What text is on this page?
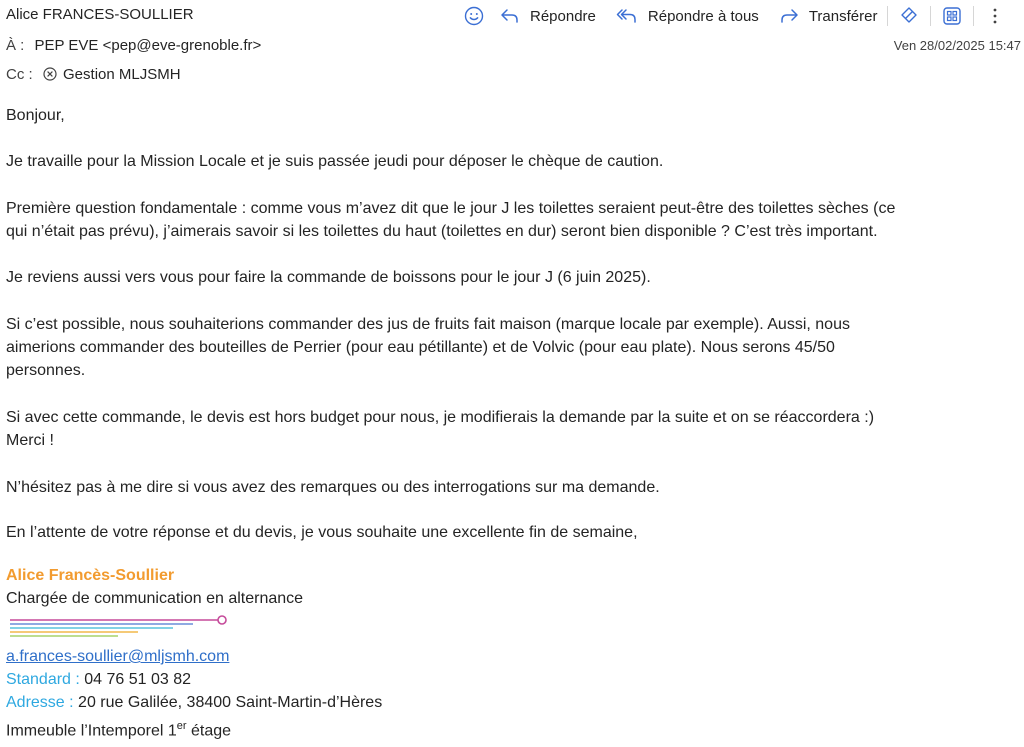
Alice FRANCES-SOULLIER	Répondre	Répondre à tous	Transférer
À : PEP EVE <pep@eve-grenoble.fr>	Ven 28/02/2025 15:47
Cc : Gestion MLJSMH
Bonjour,
Je travaille pour la Mission Locale et je suis passée jeudi pour déposer le chèque de caution.
Première question fondamentale : comme vous m’avez dit que le jour J les toilettes seraient peut-être des toilettes sèches (ce
qui n’était pas prévu), j’aimerais savoir si les toilettes du haut (toilettes en dur) seront bien disponible ? C’est très important.
Je reviens aussi vers vous pour faire la commande de boissons pour le jour J (6 juin 2025).
Si c’est possible, nous souhaiterions commander des jus de fruits fait maison (marque locale par exemple). Aussi, nous
aimerions commander des bouteilles de Perrier (pour eau pétillante) et de Volvic (pour eau plate). Nous serons 45/50
personnes.
Si avec cette commande, le devis est hors budget pour nous, je modifierais la demande par la suite et on se réaccordera :)
Merci !
N’hésitez pas à me dire si vous avez des remarques ou des interrogations sur ma demande.
En l’attente de votre réponse et du devis, je vous souhaite une excellente fin de semaine,
Alice Francès-Soullier
Chargée de communication en alternance
a.frances-soullier@mljsmh.com
Standard : 04 76 51 03 82
Adresse : 20 rue Galilée, 38400 Saint-Martin-d’Hères
Immeuble l’Intemporel 1er étage
